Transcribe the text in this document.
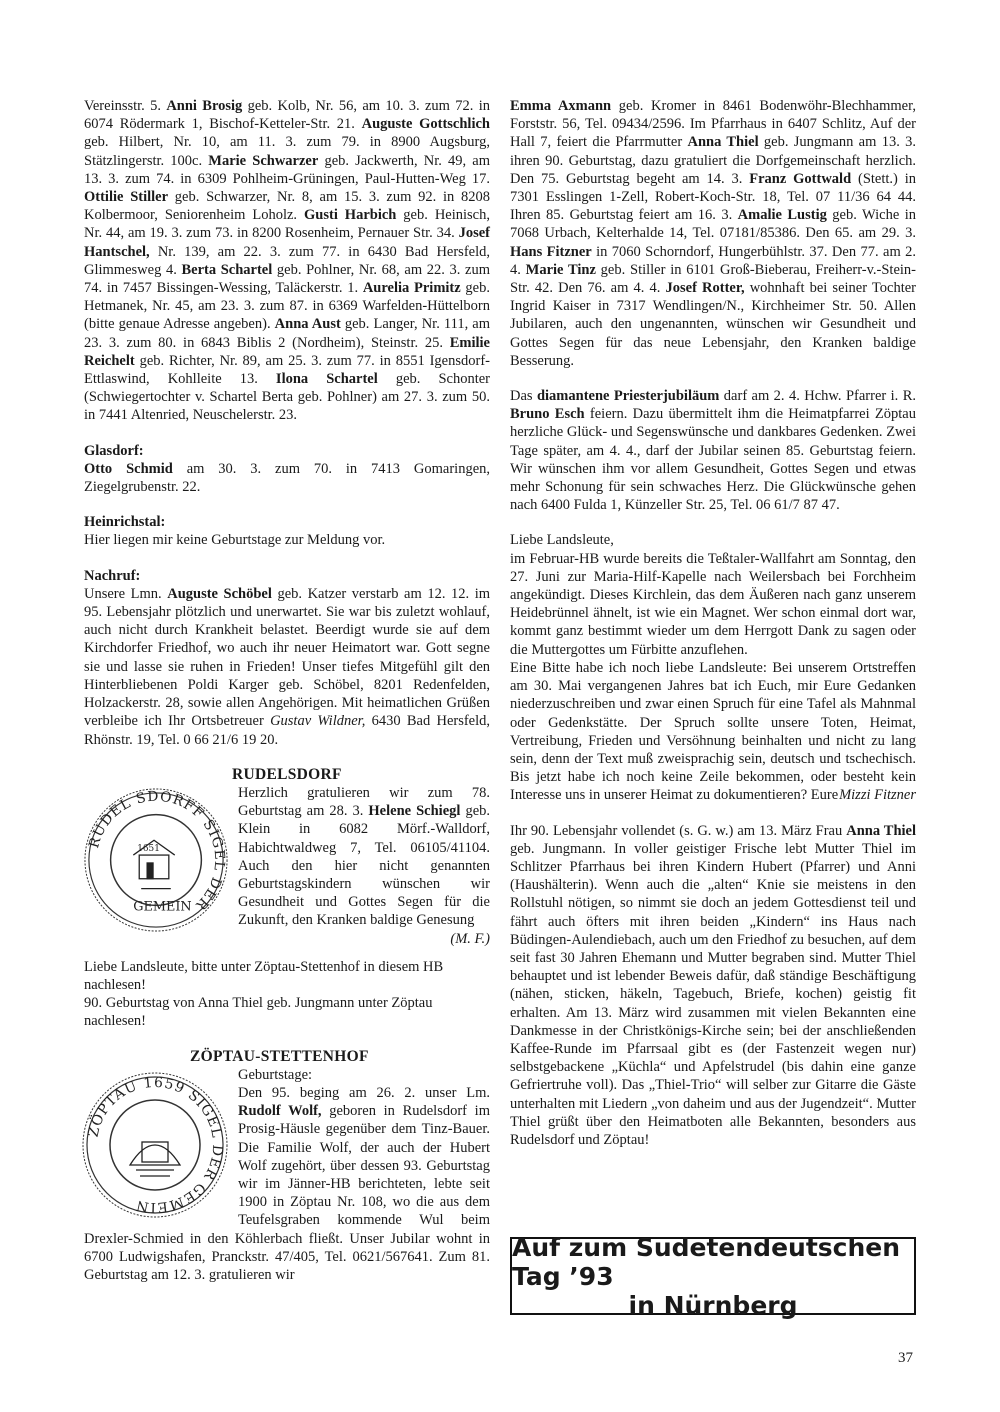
Vereinsstr. 5. Anni Brosig geb. Kolb, Nr. 56, am 10. 3. zum 72. in 6074 Rödermark 1, Bischof-Ketteler-Str. 21. Auguste Gottschlich geb. Hilbert, Nr. 10, am 11. 3. zum 79. in 8900 Augsburg, Stätzlingerstr. 100c. Marie Schwarzer geb. Jackwerth, Nr. 49, am 13. 3. zum 74. in 6309 Pohlheim-Grüningen, Paul-Hutten-Weg 17. Ottilie Stiller geb. Schwarzer, Nr. 8, am 15. 3. zum 92. in 8208 Kolbermoor, Seniorenheim Loholz. Gusti Harbich geb. Heinisch, Nr. 44, am 19. 3. zum 73. in 8200 Rosenheim, Pernauer Str. 34. Josef Hantschel, Nr. 139, am 22. 3. zum 77. in 6430 Bad Hersfeld, Glimmesweg 4. Berta Schartel geb. Pohlner, Nr. 68, am 22. 3. zum 74. in 7457 Bissingen-Wessing, Taläckerstr. 1. Aurelia Primitz geb. Hetmanek, Nr. 45, am 23. 3. zum 87. in 6369 Warfelden-Hüttelborn (bitte genaue Adresse angeben). Anna Aust geb. Langer, Nr. 111, am 23. 3. zum 80. in 6843 Biblis 2 (Nordheim), Steinstr. 25. Emilie Reichelt geb. Richter, Nr. 89, am 25. 3. zum 77. in 8551 Igensdorf-Ettlaswind, Kohlleite 13. Ilona Schartel geb. Schonter (Schwiegertochter v. Schartel Berta geb. Pohlner) am 27. 3. zum 50. in 7441 Altenried, Neuschelerstr. 23.

Glasdorf:

Otto Schmid am 30. 3. zum 70. in 7413 Gomaringen, Ziegelgrubenstr. 22.

Heinrichstal:

Hier liegen mir keine Geburtstage zur Meldung vor.

Nachruf:

Unsere Lmn. Auguste Schöbel geb. Katzer verstarb am 12. 12. im 95. Lebensjahr plötzlich und unerwartet. Sie war bis zuletzt wohlauf, auch nicht durch Krankheit belastet. Beerdigt wurde sie auf dem Kirchdorfer Friedhof, wo auch ihr neuer Heimatort war. Gott segne sie und lasse sie ruhen in Frieden! Unser tiefes Mitgefühl gilt den Hinterbliebenen Poldi Karger geb. Schöbel, 8201 Redenfelden, Holzackerstr. 28, sowie allen Angehörigen. Mit heimatlichen Grüßen verbleibe ich Ihr Ortsbetreuer Gustav Wildner, 6430 Bad Hersfeld, Rhönstr. 19, Tel. 0 66 21/6 19 20.

RUDELSDORF

RUDEL SDORFF SIGEL DER
1651
GEMEIN

Herzlich gratulieren wir zum 78. Geburtstag am 28. 3. Helene Schiegl geb. Klein in 6082 Mörf.-Walldorf, Habichtwaldweg 7, Tel. 06105/41104. Auch den hier nicht genannten Geburtstagskindern wünschen wir Gesundheit und Gottes Segen für die Zukunft, den Kranken baldige Genesung

(M. F.)

Liebe Landsleute, bitte unter Zöptau-Stettenhof in diesem HB nachlesen!

90. Geburtstag von Anna Thiel geb. Jungmann unter Zöptau nachlesen!

ZÖPTAU-STETTENHOF

ZÖPTAU 1659 SIGEL DER GEMEIN

Geburtstage:

Den 95. beging am 26. 2. unser Lm. Rudolf Wolf, geboren in Rudelsdorf im Prosig-Häusle gegenüber dem Tinz-Bauer. Die Familie Wolf, der auch der Hubert Wolf zugehört, über dessen 93. Geburtstag wir im Jänner-HB berichteten, lebte seit 1900 in Zöptau Nr. 108, wo die aus dem Teufelsgraben kommende Wul beim Drexler-Schmied in den Köhlerbach fließt. Unser Jubilar wohnt in 6700 Ludwigshafen, Pranckstr. 47/405, Tel. 0621/567641. Zum 81. Geburtstag am 12. 3. gratulieren wir

Emma Axmann geb. Kromer in 8461 Bodenwöhr-Blechhammer, Forststr. 56, Tel. 09434/2596. Im Pfarrhaus in 6407 Schlitz, Auf der Hall 7, feiert die Pfarrmutter Anna Thiel geb. Jungmann am 13. 3. ihren 90. Geburtstag, dazu gratuliert die Dorfgemeinschaft herzlich. Den 75. Geburtstag begeht am 14. 3. Franz Gottwald (Stett.) in 7301 Esslingen 1-Zell, Robert-Koch-Str. 18, Tel. 07 11/36 64 44. Ihren 85. Geburtstag feiert am 16. 3. Amalie Lustig geb. Wiche in 7068 Urbach, Kelterhalde 14, Tel. 07181/85386. Den 65. am 29. 3. Hans Fitzner in 7060 Schorndorf, Hungerbühlstr. 37. Den 77. am 2. 4. Marie Tinz geb. Stiller in 6101 Groß-Bieberau, Freiherr-v.-Stein-Str. 42. Den 76. am 4. 4. Josef Rotter, wohnhaft bei seiner Tochter Ingrid Kaiser in 7317 Wendlingen/N., Kirchheimer Str. 50. Allen Jubilaren, auch den ungenannten, wünschen wir Gesundheit und Gottes Segen für das neue Lebensjahr, den Kranken baldige Besserung.

Das diamantene Priesterjubiläum darf am 2. 4. Hchw. Pfarrer i. R. Bruno Esch feiern. Dazu übermittelt ihm die Heimatpfarrei Zöptau herzliche Glück- und Segenswünsche und dankbares Gedenken. Zwei Tage später, am 4. 4., darf der Jubilar seinen 85. Geburtstag feiern. Wir wünschen ihm vor allem Gesundheit, Gottes Segen und etwas mehr Schonung für sein schwaches Herz. Die Glückwünsche gehen nach 6400 Fulda 1, Künzeller Str. 25, Tel. 06 61/7 87 47.

Liebe Landsleute,

im Februar-HB wurde bereits die Teßtaler-Wallfahrt am Sonntag, den 27. Juni zur Maria-Hilf-Kapelle nach Weilersbach bei Forchheim angekündigt. Dieses Kirchlein, das dem Äußeren nach ganz unserem Heidebrünnel ähnelt, ist wie ein Magnet. Wer schon einmal dort war, kommt ganz bestimmt wieder um dem Herrgott Dank zu sagen oder die Muttergottes um Fürbitte anzuflehen.

Eine Bitte habe ich noch liebe Landsleute: Bei unserem Ortstreffen am 30. Mai vergangenen Jahres bat ich Euch, mir Eure Gedanken niederzuschreiben und zwar einen Spruch für eine Tafel als Mahnmal oder Gedenkstätte. Der Spruch sollte unsere Toten, Heimat, Vertreibung, Frieden und Versöhnung beinhalten und nicht zu lang sein, denn der Text muß zweisprachig sein, deutsch und tschechisch. Bis jetzt habe ich noch keine Zeile bekommen, oder besteht kein Interesse uns in unserer Heimat zu dokumentieren? Eure Mizzi Fitzner

Ihr 90. Lebensjahr vollendet (s. G. w.) am 13. März Frau Anna Thiel geb. Jungmann. In voller geistiger Frische lebt Mutter Thiel im Schlitzer Pfarrhaus bei ihren Kindern Hubert (Pfarrer) und Anni (Haushälterin). Wenn auch die „alten“ Knie sie meistens in den Rollstuhl nötigen, so nimmt sie doch an jedem Gottesdienst teil und fährt auch öfters mit ihren beiden „Kindern“ ins Haus nach Büdingen-Aulendiebach, auch um den Friedhof zu besuchen, auf dem seit fast 30 Jahren Ehemann und Mutter begraben sind. Mutter Thiel behauptet und ist lebender Beweis dafür, daß ständige Beschäftigung (nähen, sticken, häkeln, Tagebuch, Briefe, kochen) geistig fit erhalten. Am 13. März wird zusammen mit vielen Bekannten eine Dankmesse in der Christkönigs-Kirche sein; bei der anschließenden Kaffee-Runde im Pfarrsaal gibt es (der Fastenzeit wegen nur) selbstgebackene „Küchla“ und Apfelstrudel (bis dahin eine ganze Gefriertruhe voll). Das „Thiel-Trio“ will selber zur Gitarre die Gäste unterhalten mit Liedern „von daheim und aus der Jugendzeit“. Mutter Thiel grüßt über den Heimatboten alle Bekannten, besonders aus Rudelsdorf und Zöptau!

Auf zum Sudetendeutschen Tag ’93
in Nürnberg
37
